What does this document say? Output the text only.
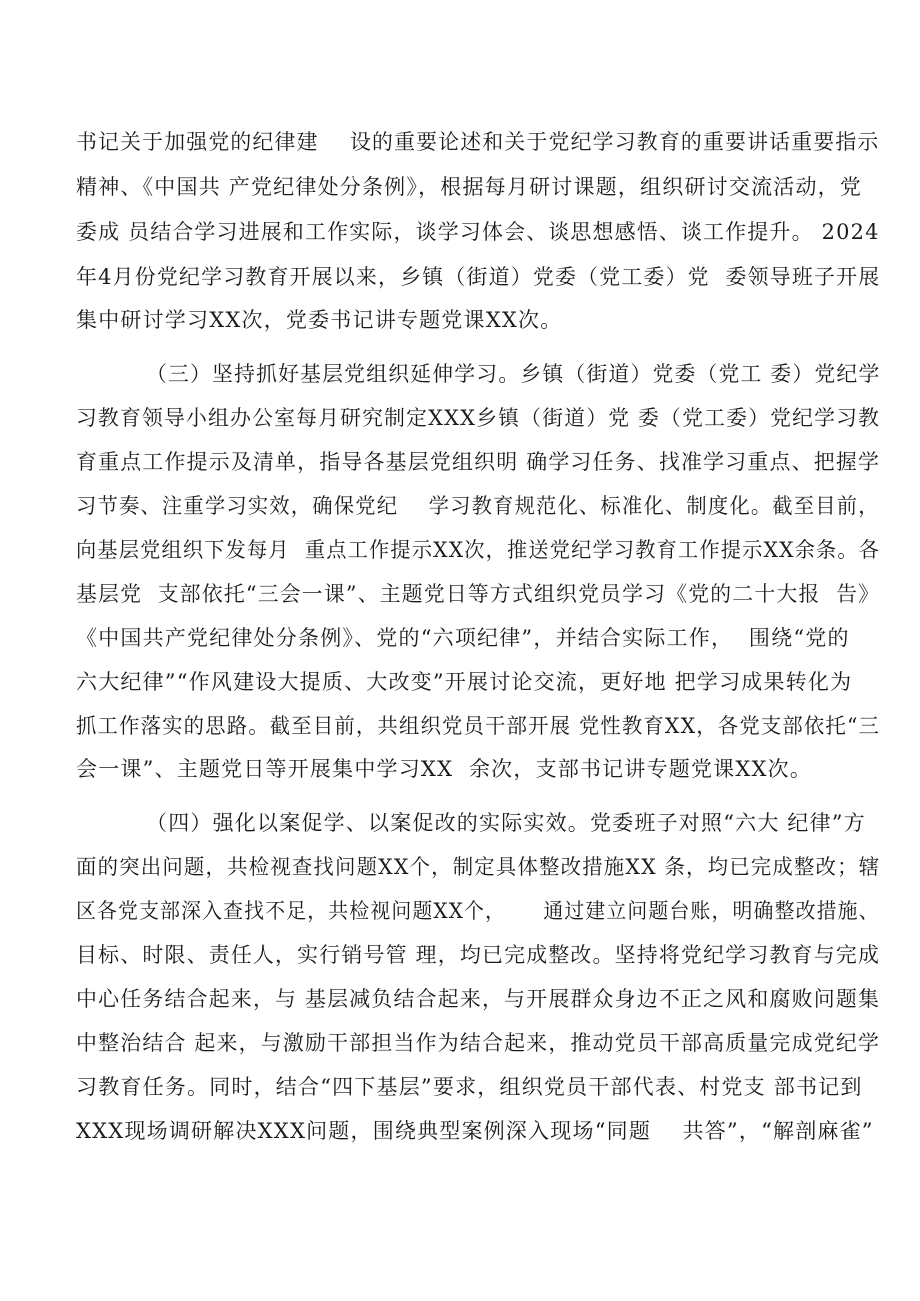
书记关于加强党的纪律建    设的重要论述和关于党纪学习教育的重要讲话重要指示
精神、《中国共 产党纪律处分条例》，根据每月研讨课题，组织研讨交流活动，党
委成 员结合学习进展和工作实际，谈学习体会、谈思想感悟、谈工作提升。 2024
年4月份党纪学习教育开展以来，乡镇（街道）党委（党工委）党  委领导班子开展
集中研讨学习XX次，党委书记讲专题党课XX次。
（三）坚持抓好基层党组织延伸学习。乡镇（街道）党委（党工 委）党纪学
习教育领导小组办公室每月研究制定XXX乡镇（街道）党 委（党工委）党纪学习教
育重点工作提示及清单，指导各基层党组织明 确学习任务、找准学习重点、把握学
习节奏、注重学习实效，确保党纪    学习教育规范化、标准化、制度化。截至目前，
向基层党组织下发每月  重点工作提示XX次，推送党纪学习教育工作提示XX余条。各
基层党  支部依托“三会一课”、主题党日等方式组织党员学习《党的二十大报  告》
《中国共产党纪律处分条例》、党的“六项纪律”，并结合实际工作，  围绕“党的
六大纪律”“作风建设大提质、大改变”开展讨论交流，更好地 把学习成果转化为
抓工作落实的思路。截至目前，共组织党员干部开展 党性教育XX，各党支部依托“三
会一课”、主题党日等开展集中学习XX  余次，支部书记讲专题党课XX次。
（四）强化以案促学、以案促改的实际实效。党委班子对照“六大 纪律”方
面的突出问题，共检视查找问题XX个，制定具体整改措施XX 条，均已完成整改；辖
区各党支部深入查找不足，共检视问题XX个，     通过建立问题台账，明确整改措施、
目标、时限、责任人，实行销号管 理，均已完成整改。坚持将党纪学习教育与完成
中心任务结合起来，与 基层减负结合起来，与开展群众身边不正之风和腐败问题集
中整治结合 起来，与激励干部担当作为结合起来，推动党员干部高质量完成党纪学
习教育任务。同时，结合“四下基层”要求，组织党员干部代表、村党支 部书记到
XXX现场调研解决XXX问题，围绕典型案例深入现场“同题    共答”，“解剖麻雀”
